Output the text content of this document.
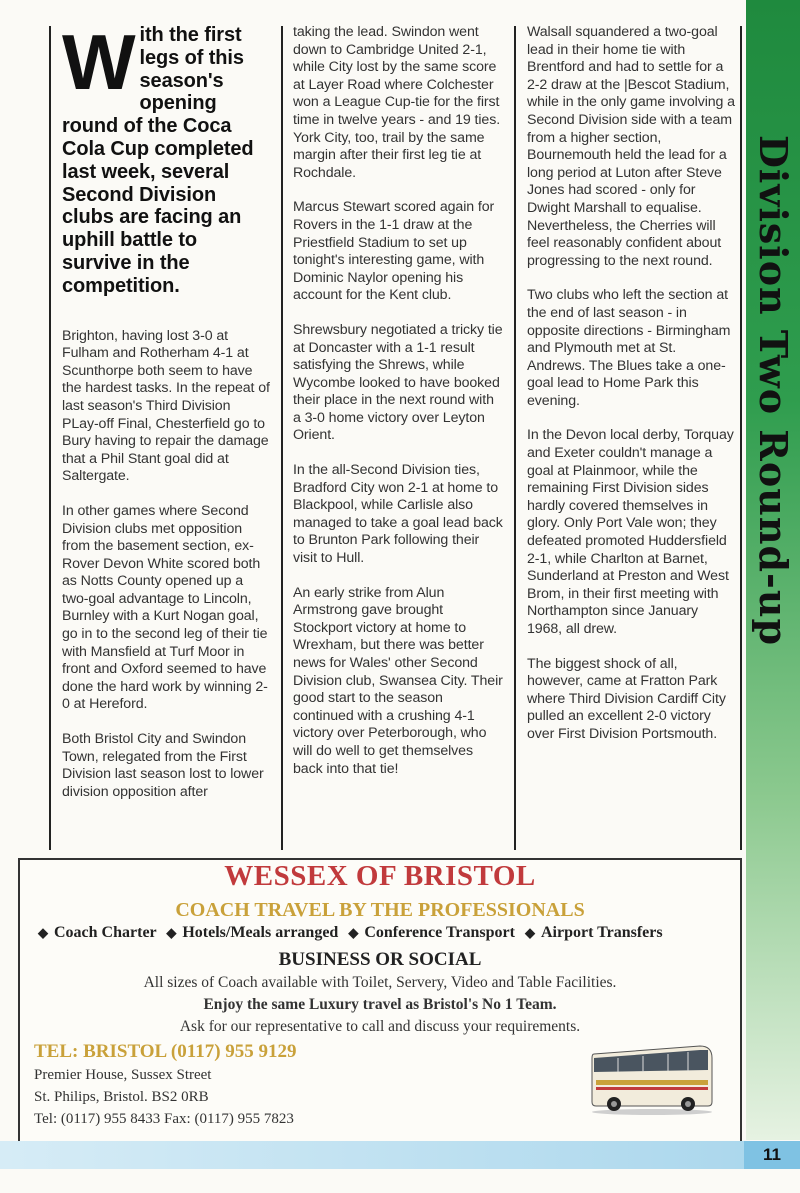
Division Two Round-up
With the first legs of this season's opening round of the Coca Cola Cup completed last week, several Second Division clubs are facing an uphill battle to survive in the competition.

Brighton, having lost 3-0 at Fulham and Rotherham 4-1 at Scunthorpe both seem to have the hardest tasks. In the repeat of last season's Third Division PLay-off Final, Chesterfield go to Bury having to repair the damage that a Phil Stant goal did at Saltergate.

In other games where Second Division clubs met opposition from the basement section, ex-Rover Devon White scored both as Notts County opened up a two-goal advantage to Lincoln, Burnley with a Kurt Nogan goal, go in to the second leg of their tie with Mansfield at Turf Moor in front and Oxford seemed to have done the hard work by winning 2-0 at Hereford.

Both Bristol City and Swindon Town, relegated from the First Division last season lost to lower division opposition after

taking the lead. Swindon went down to Cambridge United 2-1, while City lost by the same score at Layer Road where Colchester won a League Cup-tie for the first time in twelve years - and 19 ties. York City, too, trail by the same margin after their first leg tie at Rochdale.

Marcus Stewart scored again for Rovers in the 1-1 draw at the Priestfield Stadium to set up tonight's interesting game, with Dominic Naylor opening his account for the Kent club.

Shrewsbury negotiated a tricky tie at Doncaster with a 1-1 result satisfying the Shrews, while Wycombe looked to have booked their place in the next round with a 3-0 home victory over Leyton Orient.

In the all-Second Division ties, Bradford City won 2-1 at home to Blackpool, while Carlisle also managed to take a goal lead back to Brunton Park following their visit to Hull.

An early strike from Alun Armstrong gave brought Stockport victory at home to Wrexham, but there was better news for Wales' other Second Division club, Swansea City. Their good start to the season continued with a crushing 4-1 victory over Peterborough, who will do well to get themselves back into that tie!

Walsall squandered a two-goal lead in their home tie with Brentford and had to settle for a 2-2 draw at the |Bescot Stadium, while in the only game involving a Second Division side with a team from a higher section, Bournemouth held the lead for a long period at Luton after Steve Jones had scored - only for Dwight Marshall to equalise. Nevertheless, the Cherries will feel reasonably confident about progressing to the next round.

Two clubs who left the section at the end of last season - in opposite directions - Birmingham and Plymouth met at St. Andrews. The Blues take a one-goal lead to Home Park this evening.

In the Devon local derby, Torquay and Exeter couldn't manage a goal at Plainmoor, while the remaining First Division sides hardly covered themselves in glory. Only Port Vale won; they defeated promoted Huddersfield 2-1, while Charlton at Barnet, Sunderland at Preston and West Brom, in their first meeting with Northampton since January 1968, all drew.

The biggest shock of all, however, came at Fratton Park where Third Division Cardiff City pulled an excellent 2-0 victory over First Division Portsmouth.

WESSEX OF BRISTOL
COACH TRAVEL BY THE PROFESSIONALS
◆ Coach Charter ◆ Hotels/Meals arranged ◆ Conference Transport ◆ Airport Transfers
BUSINESS OR SOCIAL
All sizes of Coach available with Toilet, Servery, Video and Table Facilities.
Enjoy the same Luxury travel as Bristol's No 1 Team.
Ask for our representative to call and discuss your requirements.
TEL: BRISTOL (0117) 955 9129
Premier House, Sussex Street
St. Philips, Bristol. BS2 0RB
Tel: (0117) 955 8433 Fax: (0117) 955 7823
11
